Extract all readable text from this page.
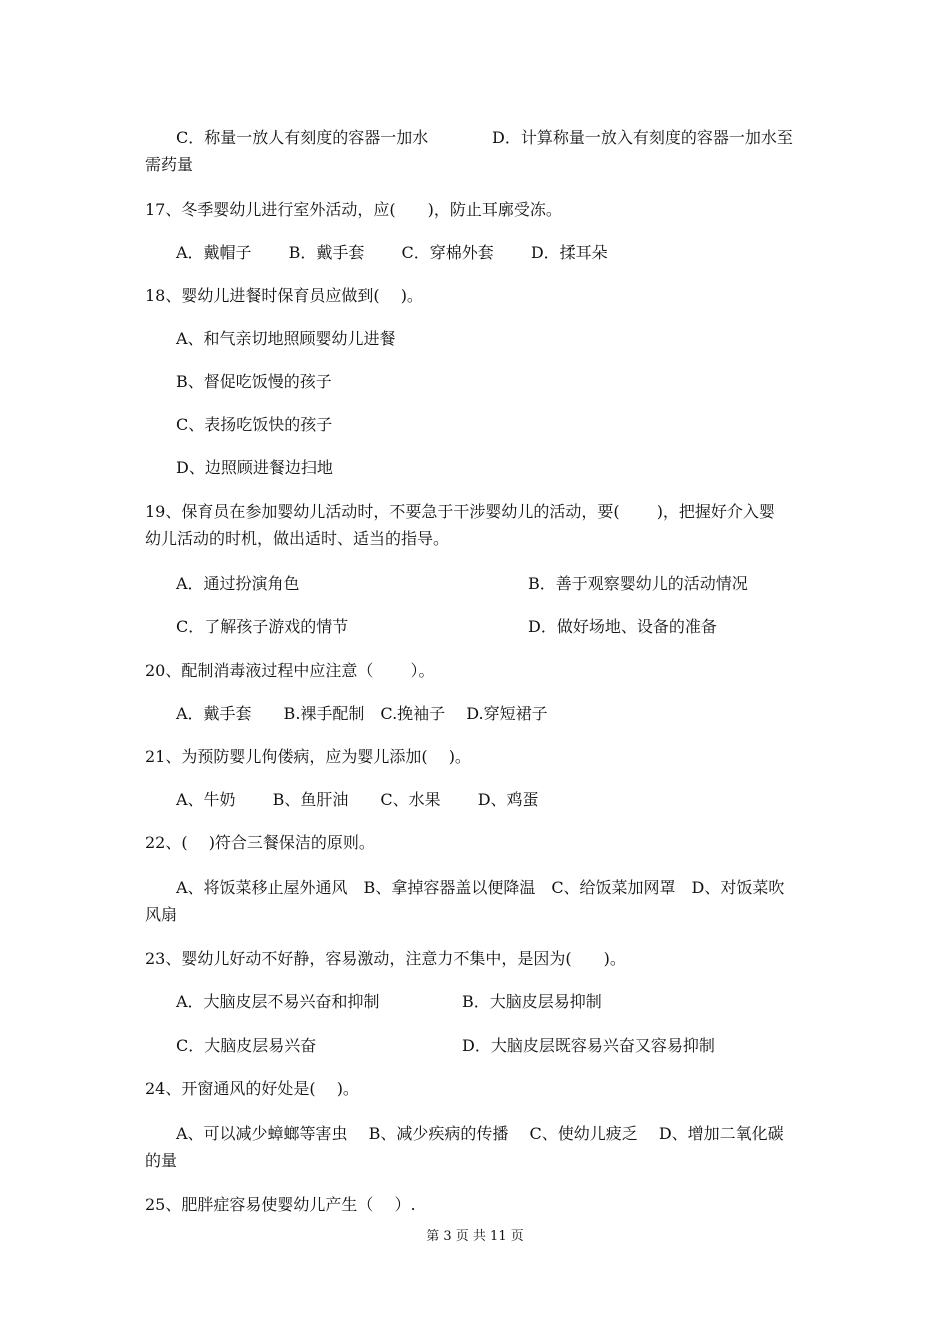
C．称量一放人有刻度的容器一加水	D．计算称量一放入有刻度的容器一加水至
需药量
17、冬季婴幼儿进行室外活动，应(　　)，防止耳廓受冻。
A．戴帽子　　 B．戴手套　　 C．穿棉外套　　 D．揉耳朵
18、婴幼儿进餐时保育员应做到(　 )。
A、和气亲切地照顾婴幼儿进餐
B、督促吃饭慢的孩子
C、表扬吃饭快的孩子
D、边照顾进餐边扫地
19、保育员在参加婴幼儿活动时，不要急于干涉婴幼儿的活动，要(　　 )，把握好介入婴
幼儿活动的时机，做出适时、适当的指导。
A．通过扮演角色	B．善于观察婴幼儿的活动情况
C．了解孩子游戏的情节	D．做好场地、设备的准备
20、配制消毒液过程中应注意（　　 ）。
A．戴手套　　B.裸手配制　C.挽袖子　 D.穿短裙子
21、为预防婴儿佝偻病，应为婴儿添加(　 )。
A、牛奶　　 B、鱼肝油　　C、水果　　 D、鸡蛋
22、(　 )符合三餐保洁的原则。
A、将饭菜移止屋外通风　B、拿掉容器盖以便降温　C、给饭菜加网罩　D、对饭菜吹
风扇
23、婴幼儿好动不好静，容易激动，注意力不集中，是因为(　　)。
A．大脑皮层不易兴奋和抑制	B．大脑皮层易抑制
C．大脑皮层易兴奋	D．大脑皮层既容易兴奋又容易抑制
24、开窗通风的好处是(　 )。
A、可以减少蟑螂等害虫　 B、减少疾病的传播　 C、使幼儿疲乏　 D、增加二氧化碳
的量
25、肥胖症容易使婴幼儿产生（　 ）.
第 3 页 共 11 页
